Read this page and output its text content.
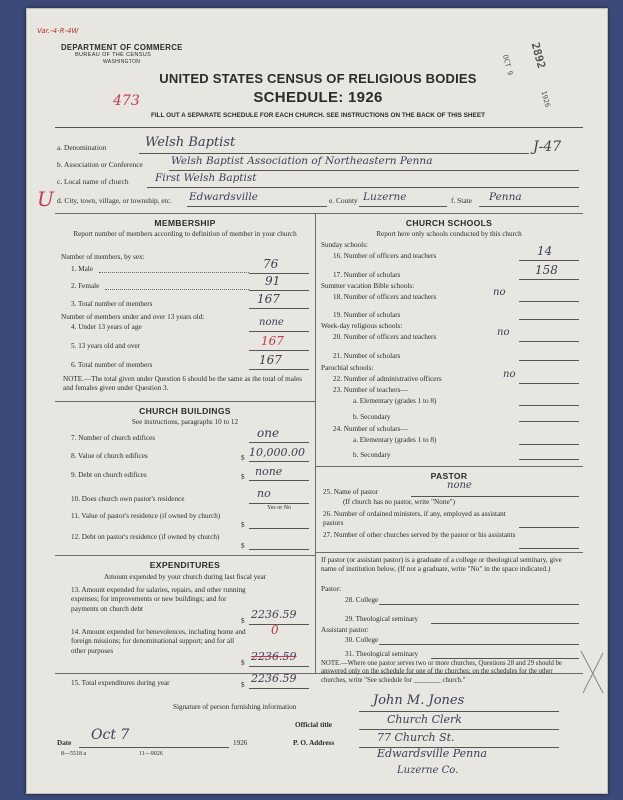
Var.-4-R-4W
2892
OCT 9
1926
DEPARTMENT OF COMMERCE
BUREAU OF THE CENSUS
WASHINGTON
UNITED STATES CENSUS OF RELIGIOUS BODIES
SCHEDULE: 1926
473
FILL OUT A SEPARATE SCHEDULE FOR EACH CHURCH. SEE INSTRUCTIONS ON THE BACK OF THIS SHEET
a. Denomination	Welsh Baptist	J-47
b. Association or Conference	Welsh Baptist Association of Northeastern Penna
c. Local name of church	First Welsh Baptist
U d. City, town, village, or township, etc. Edwardsville	e. County Luzerne	f. State Penna
MEMBERSHIP
Report number of members according to definition of member in your church
Number of members, by sex:
1. Male	76
2. Female	91
3. Total number of members	167
Number of members under and over 13 years old:
4. Under 13 years of age	none
5. 13 years old and over	167
6. Total number of members	167
NOTE.—The total given under Question 6 should be the same as the total of males and females given under Question 3.
CHURCH BUILDINGS
See instructions, paragraphs 10 to 12
7. Number of church edifices	one
8. Value of church edifices	$ 10,000.00
9. Debt on church edifices	$ none
10. Does church own pastor's residence	no
Yes or No
11. Value of pastor's residence (if owned by church)
$
12. Debt on pastor's residence (if owned by church)
$
EXPENDITURES
Amount expended by your church during last fiscal year
13. Amount expended for salaries, repairs, and other running expenses; for improvements or new buildings; and for payments on church debt
$ 2236.59
14. Amount expended for benevolences, including home and foreign missions; for denominational support; and for all other purposes
0
$ 2236.59
15. Total expenditures during year	$ 2236.59
CHURCH SCHOOLS
Report here only schools conducted by this church
Sunday schools:
16. Number of officers and teachers	14
17. Number of scholars	158
Summer vacation Bible schools:
18. Number of officers and teachers	no
19. Number of scholars
Week-day religious schools:
20. Number of officers and teachers	no
21. Number of scholars
Parochial schools:
22. Number of administrative officers	no
23. Number of teachers—
a. Elementary (grades 1 to 8)
b. Secondary
24. Number of scholars—
a. Elementary (grades 1 to 8)
b. Secondary
PASTOR
25. Name of pastor
none
(If church has no pastor, write "None")
26. Number of ordained ministers, if any, employed as assistant pastors
27. Number of other churches served by the pastor or his assistants
If pastor (or assistant pastor) is a graduate of a college or theological seminary, give name of institution below. (If not a graduate, write "No" in the space indicated.)
Pastor:
28. College
29. Theological seminary
Assistant pastor:
30. College
31. Theological seminary
NOTE.—Where one pastor serves two or more churches, Questions 28 and 29 should be answered only on the schedule for one of the churches; on the schedules for the other churches, write "See schedule for ________ church."
Signature of person furnishing information	John M. Jones
Official title	Church Clerk
Date Oct 7	1926	P. O. Address	77 Church St.
Edwardsville Penna
Luzerne Co.
8—5518 a	11—9026
